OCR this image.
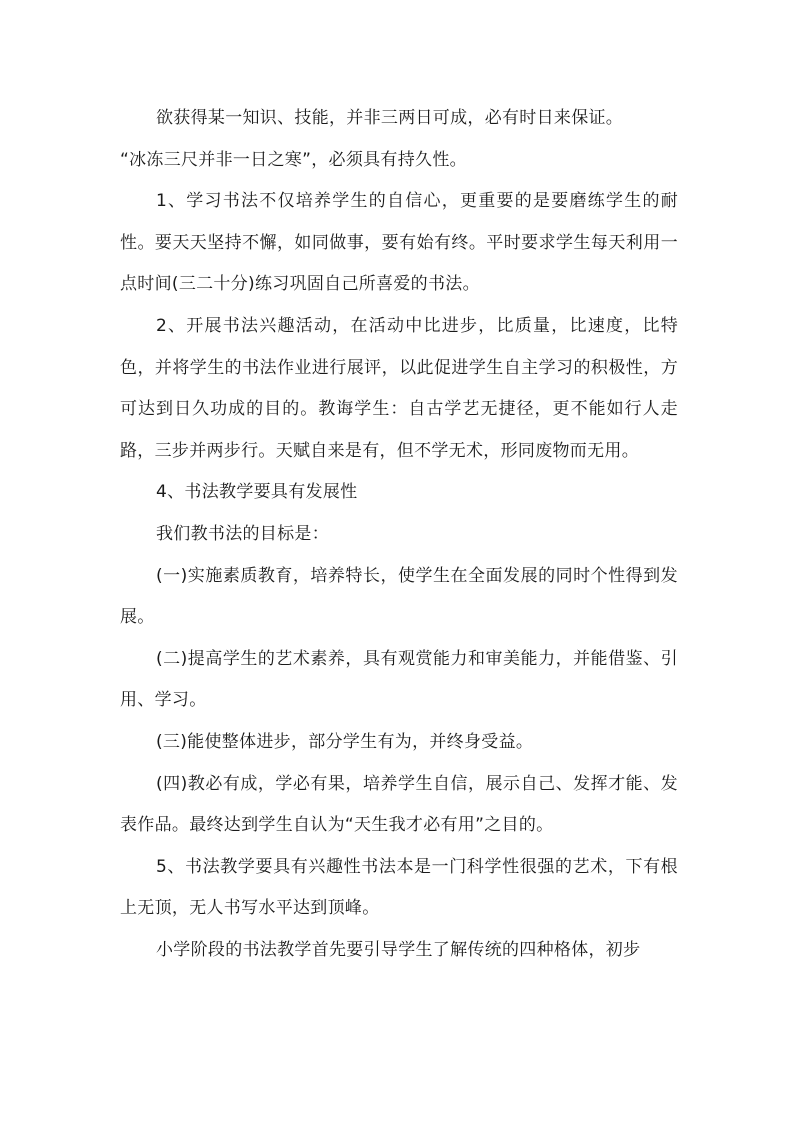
欲获得某一知识、技能，并非三两日可成，必有时日来保证。

“冰冻三尺并非一日之寒”，必须具有持久性。

1、学习书法不仅培养学生的自信心，更重要的是要磨练学生的耐性。要天天坚持不懈，如同做事，要有始有终。平时要求学生每天利用一点时间(三二十分)练习巩固自己所喜爱的书法。

2、开展书法兴趣活动，在活动中比进步，比质量，比速度，比特色，并将学生的书法作业进行展评，以此促进学生自主学习的积极性，方可达到日久功成的目的。教诲学生：自古学艺无捷径，更不能如行人走路，三步并两步行。天赋自来是有，但不学无术，形同废物而无用。

4、书法教学要具有发展性

我们教书法的目标是：

(一)实施素质教育，培养特长，使学生在全面发展的同时个性得到发展。

(二)提高学生的艺术素养，具有观赏能力和审美能力，并能借鉴、引用、学习。

(三)能使整体进步，部分学生有为，并终身受益。

(四)教必有成，学必有果，培养学生自信，展示自己、发挥才能、发表作品。最终达到学生自认为“天生我才必有用”之目的。

5、书法教学要具有兴趣性书法本是一门科学性很强的艺术，下有根上无顶，无人书写水平达到顶峰。

小学阶段的书法教学首先要引导学生了解传统的四种格体，初步
